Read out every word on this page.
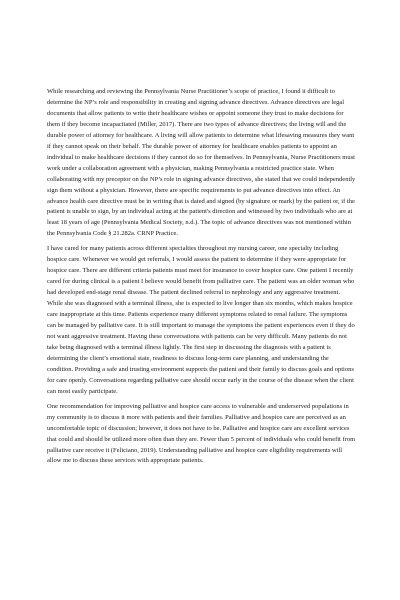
While researching and reviewing the Pennsylvania Nurse Practitioner’s scope of practice, I found it difficult to determine the NP’s role and responsibility in creating and signing advance directives. Advance directives are legal documents that allow patients to write their healthcare wishes or appoint someone they trust to make decisions for them if they become incapacitated (Miller, 2017). There are two types of advance directives; the living will and the durable power of attorney for healthcare. A living will allow patients to determine what lifesaving measures they want if they cannot speak on their behalf. The durable power of attorney for healthcare enables patients to appoint an individual to make healthcare decisions if they cannot do so for themselves. In Pennsylvania, Nurse Practitioners must work under a collaboration agreement with a physician, making Pennsylvania a restricted practice state. When collaborating with my preceptor on the NP’s role in signing advance directives, she stated that we could independently sign them without a physician. However, there are specific requirements to put advance directives into effect. An advance health care directive must be in writing that is dated and signed (by signature or mark) by the patient or, if the patient is unable to sign, by an individual acting at the patient's direction and witnessed by two individuals who are at least 18 years of age (Pennsylvania Medical Society, n.d.). The topic of advance directives was not mentioned within the Pennsylvania Code § 21.282a. CRNP Practice.

I have cared for many patients across different specialties throughout my nursing career, one specialty including hospice care. Whenever we would get referrals, I would assess the patient to determine if they were appropriate for hospice care. There are different criteria patients must meet for insurance to cover hospice care. One patient I recently cared for during clinical is a patient I believe would benefit from palliative care. The patient was an older woman who had developed end-stage renal disease. The patient declined referral to nephrology and any aggressive treatment. While she was diagnosed with a terminal illness, she is expected to live longer than six months, which makes hospice care inappropriate at this time. Patients experience many different symptoms related to renal failure. The symptoms can be managed by palliative care. It is still important to manage the symptoms the patient experiences even if they do not want aggressive treatment. Having these conversations with patients can be very difficult. Many patients do not take being diagnosed with a terminal illness lightly. The first step in discussing the diagnosis with a patient is determining the client’s emotional state, readiness to discuss long-term care planning, and understanding the condition. Providing a safe and trusting environment supports the patient and their family to discuss goals and options for care openly. Conversations regarding palliative care should occur early in the course of the disease when the client can most easily participate.

One recommendation for improving palliative and hospice care access to vulnerable and underserved populations in my community is to discuss it more with patients and their families. Palliative and hospice care are perceived as an uncomfortable topic of discussion; however, it does not have to be. Palliative and hospice care are excellent services that could and should be utilized more often than they are. Fewer than 5 percent of individuals who could benefit from palliative care receive it (Feliciano, 2019). Understanding palliative and hospice care eligibility requirements will allow me to discuss these services with appropriate patients.
